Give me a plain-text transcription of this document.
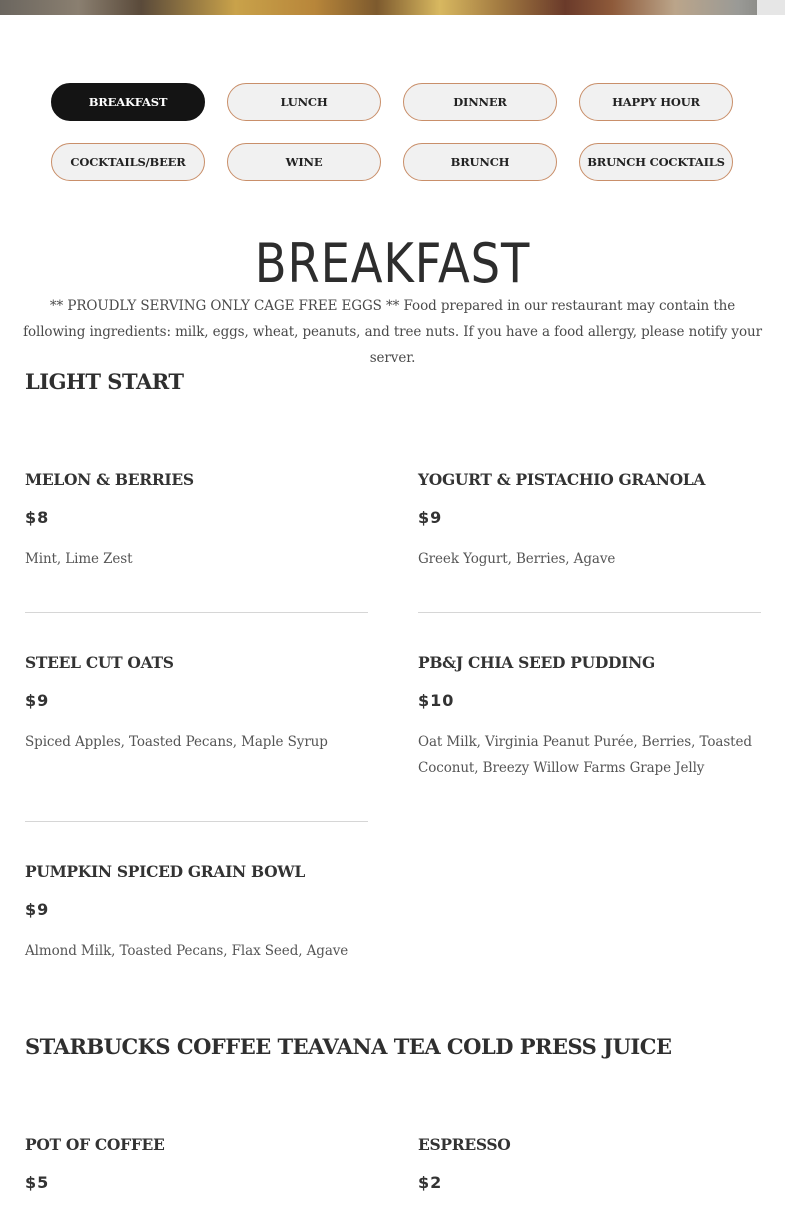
BREAKFAST	LUNCH	DINNER	HAPPY HOUR
COCKTAILS/BEER	WINE	BRUNCH	BRUNCH COCKTAILS
BREAKFAST
** PROUDLY SERVING ONLY CAGE FREE EGGS ** Food prepared in our restaurant may contain the following ingredients: milk, eggs, wheat, peanuts, and tree nuts. If you have a food allergy, please notify your server.
LIGHT START
MELON & BERRIES
$8
Mint, Lime Zest
YOGURT & PISTACHIO GRANOLA
$9
Greek Yogurt, Berries, Agave
STEEL CUT OATS
$9
Spiced Apples, Toasted Pecans, Maple Syrup
PB&J CHIA SEED PUDDING
$10
Oat Milk, Virginia Peanut Purée, Berries, Toasted Coconut, Breezy Willow Farms Grape Jelly
PUMPKIN SPICED GRAIN BOWL
$9
Almond Milk, Toasted Pecans, Flax Seed, Agave
STARBUCKS COFFEE TEAVANA TEA COLD PRESS JUICE
POT OF COFFEE
$5
ESPRESSO
$2
